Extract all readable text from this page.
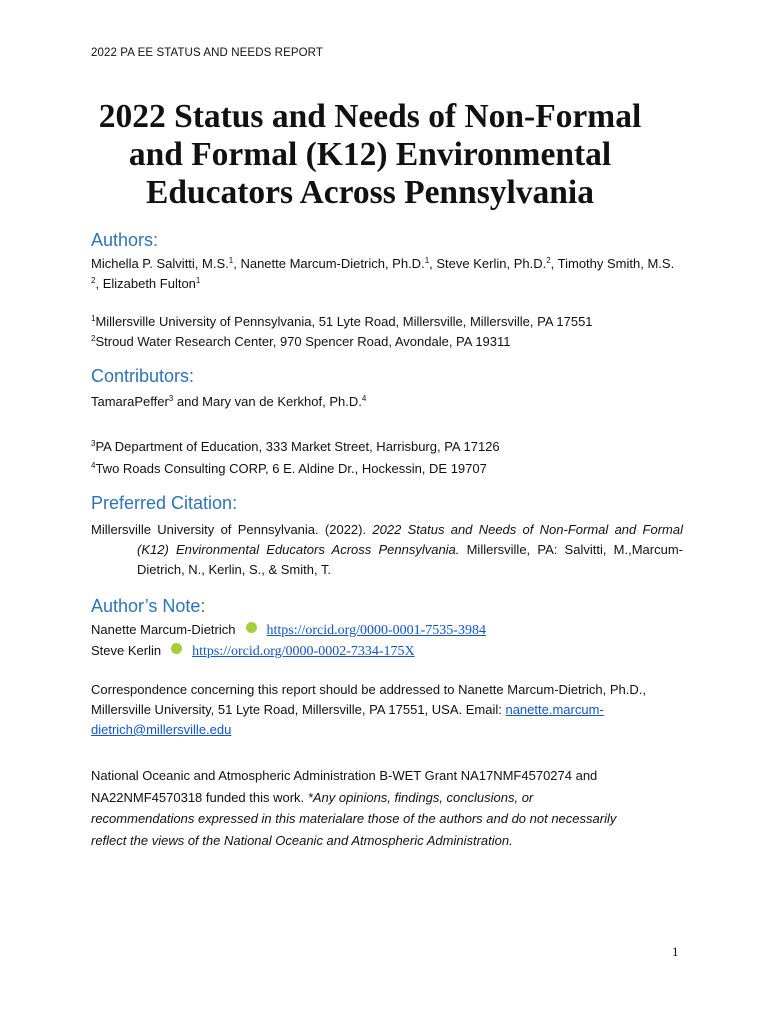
2022 PA EE STATUS AND NEEDS REPORT
2022 Status and Needs of Non-Formal
and Formal (K12) Environmental
Educators Across Pennsylvania
Authors:
Michella P. Salvitti, M.S.$^1$, Nanette Marcum-Dietrich, Ph.D.$^1$, Steve Kerlin, Ph.D.$^2$, Timothy Smith, M.S. $^2$, Elizabeth Fulton$^1$
$^1$Millersville University of Pennsylvania, 51 Lyte Road, Millersville, Millersville, PA 17551
$^2$Stroud Water Research Center, 970 Spencer Road, Avondale, PA 19311
Contributors:
TamaraPeffer$^3$ and Mary van de Kerkhof, Ph.D.$^4$
$^3$PA Department of Education, 333 Market Street, Harrisburg, PA 17126
$^4$Two Roads Consulting CORP, 6 E. Aldine Dr., Hockessin, DE 19707
Preferred Citation:
Millersville University of Pennsylvania. (2022). 2022 Status and Needs of Non-Formal and Formal (K12) Environmental Educators Across Pennsylvania. Millersville, PA: Salvitti, M.,Marcum-Dietrich, N., Kerlin, S., & Smith, T.
Author’s Note:
Nanette Marcum-Dietrich https://orcid.org/0000-0001-7535-3984
Steve Kerlin https://orcid.org/0000-0002-7334-175X
Correspondence concerning this report should be addressed to Nanette Marcum-Dietrich, Ph.D., Millersville University, 51 Lyte Road, Millersville, PA 17551, USA. Email: nanette.marcum-dietrich@millersville.edu
National Oceanic and Atmospheric Administration B-WET Grant NA17NMF4570274 and NA22NMF4570318 funded this work. *Any opinions, findings, conclusions, or recommendations expressed in this materialare those of the authors and do not necessarily reflect the views of the National Oceanic and Atmospheric Administration.
1
